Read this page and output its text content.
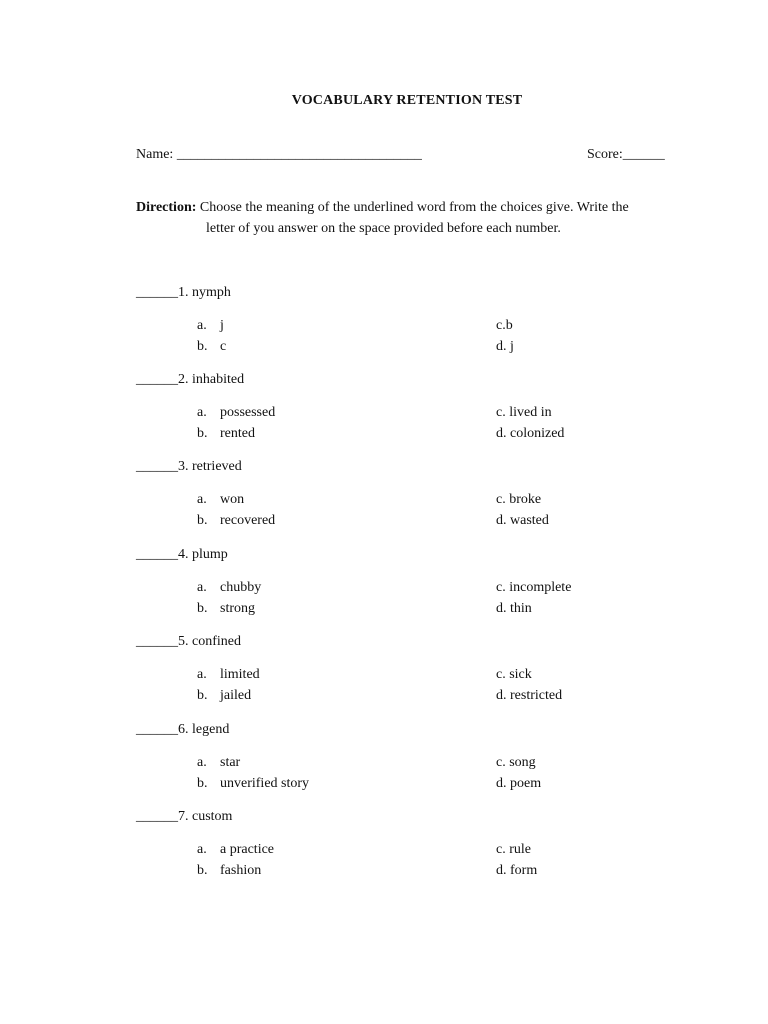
VOCABULARY RETENTION TEST
Name: ___________________________________	Score:______
Direction: Choose the meaning of the underlined word from the choices give. Write the
letter of you answer on the space provided before each number.
______1. nymph
a. j
b. c
c.b
d. j
______2. inhabited
a. possessed
b. rented
c. lived in
d. colonized
______3. retrieved
a. won
b. recovered
c. broke
d. wasted
______4. plump
a. chubby
b. strong
c. incomplete
d. thin
______5. confined
a. limited
b. jailed
c. sick
d. restricted
______6. legend
a. star
b. unverified story
c. song
d. poem
______7. custom
a. a practice
b. fashion
c. rule
d. form
